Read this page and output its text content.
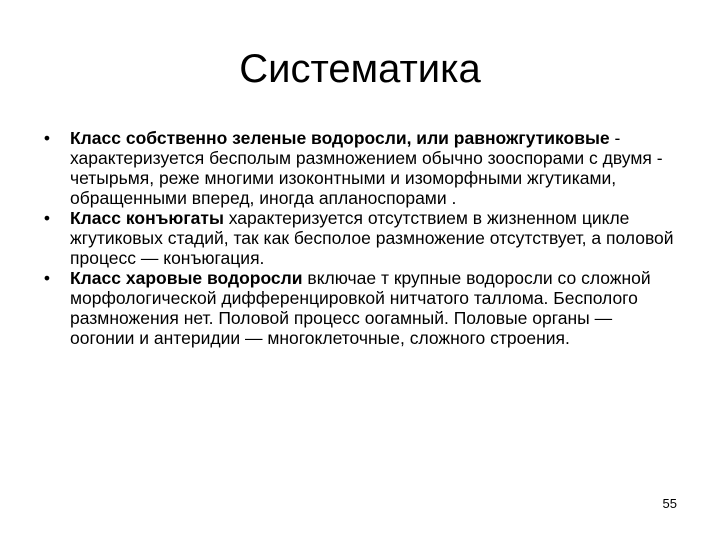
Систематика
• Класс собственно зеленые водоросли, или равножгутиковые - характеризуется бесполым размножением обычно зооспорами с двумя - четырьмя, реже многими изоконтными и изоморфными жгутиками, обращенными вперед, иногда апланоспорами .
• Класс конъюгаты характеризуется отсутствием в жизненном цикле жгутиковых стадий, так как бесполое размножение отсутствует, а половой процесс — конъюгация.
• Класс харовые водоросли включае т крупные водоросли со сложной морфологической дифференцировкой нитчатого таллома. Бесполого размножения нет. Половой процесс оогамный. Половые органы — оогонии и антеридии — многоклеточные, сложного строения.
55
